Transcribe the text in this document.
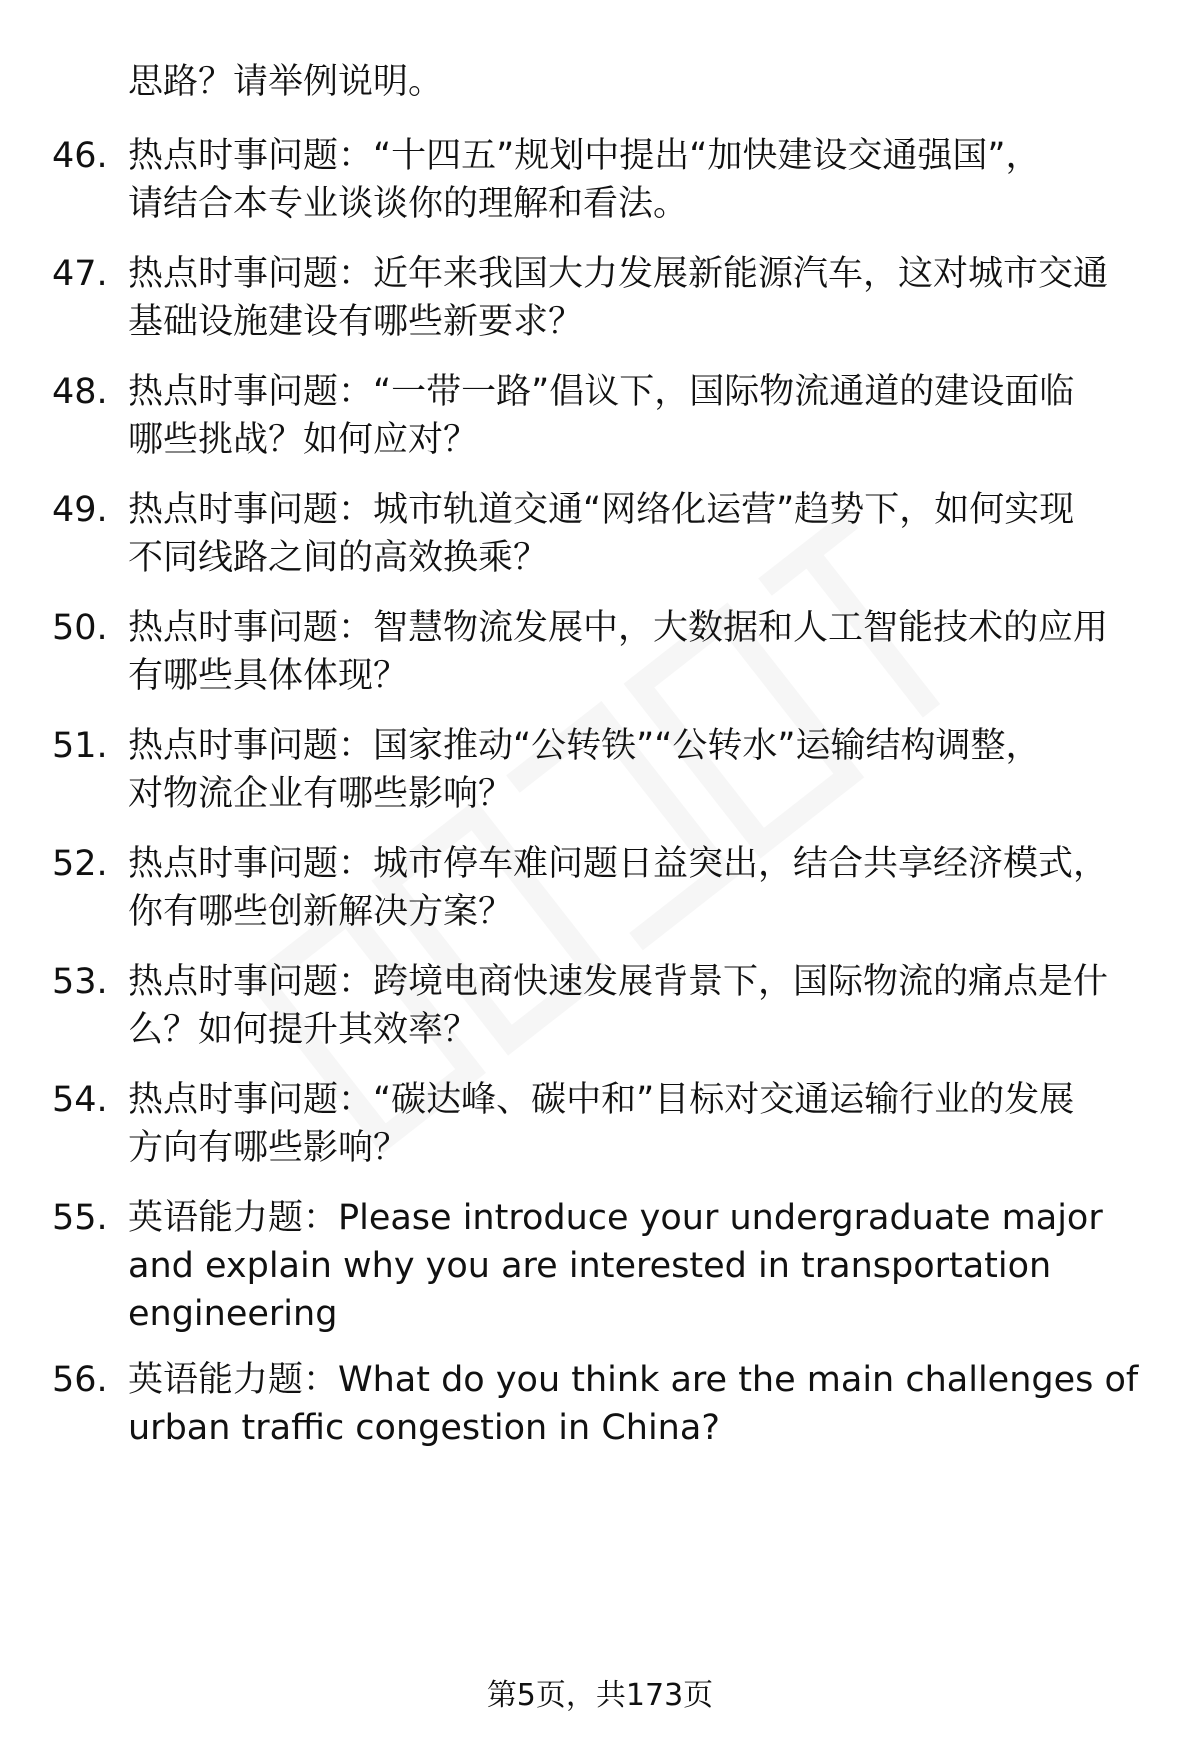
思路？请举例说明。
46. 热点时事问题：“十四五”规划中提出“加快建设交通强国”，
请结合本专业谈谈你的理解和看法。
47. 热点时事问题：近年来我国大力发展新能源汽车，这对城市交通
基础设施建设有哪些新要求？
48. 热点时事问题：“一带一路”倡议下，国际物流通道的建设面临
哪些挑战？如何应对？
49. 热点时事问题：城市轨道交通“网络化运营”趋势下，如何实现
不同线路之间的高效换乘？
50. 热点时事问题：智慧物流发展中，大数据和人工智能技术的应用
有哪些具体体现？
51. 热点时事问题：国家推动“公转铁”“公转水”运输结构调整，
对物流企业有哪些影响？
52. 热点时事问题：城市停车难问题日益突出，结合共享经济模式，
你有哪些创新解决方案？
53. 热点时事问题：跨境电商快速发展背景下，国际物流的痛点是什
么？如何提升其效率？
54. 热点时事问题：“碳达峰、碳中和”目标对交通运输行业的发展
方向有哪些影响？
55. 英语能力题：Please introduce your undergraduate major
and explain why you are interested in transportation
engineering
56. 英语能力题：What do you think are the main challenges of
urban traffic congestion in China?
第5页，共173页
